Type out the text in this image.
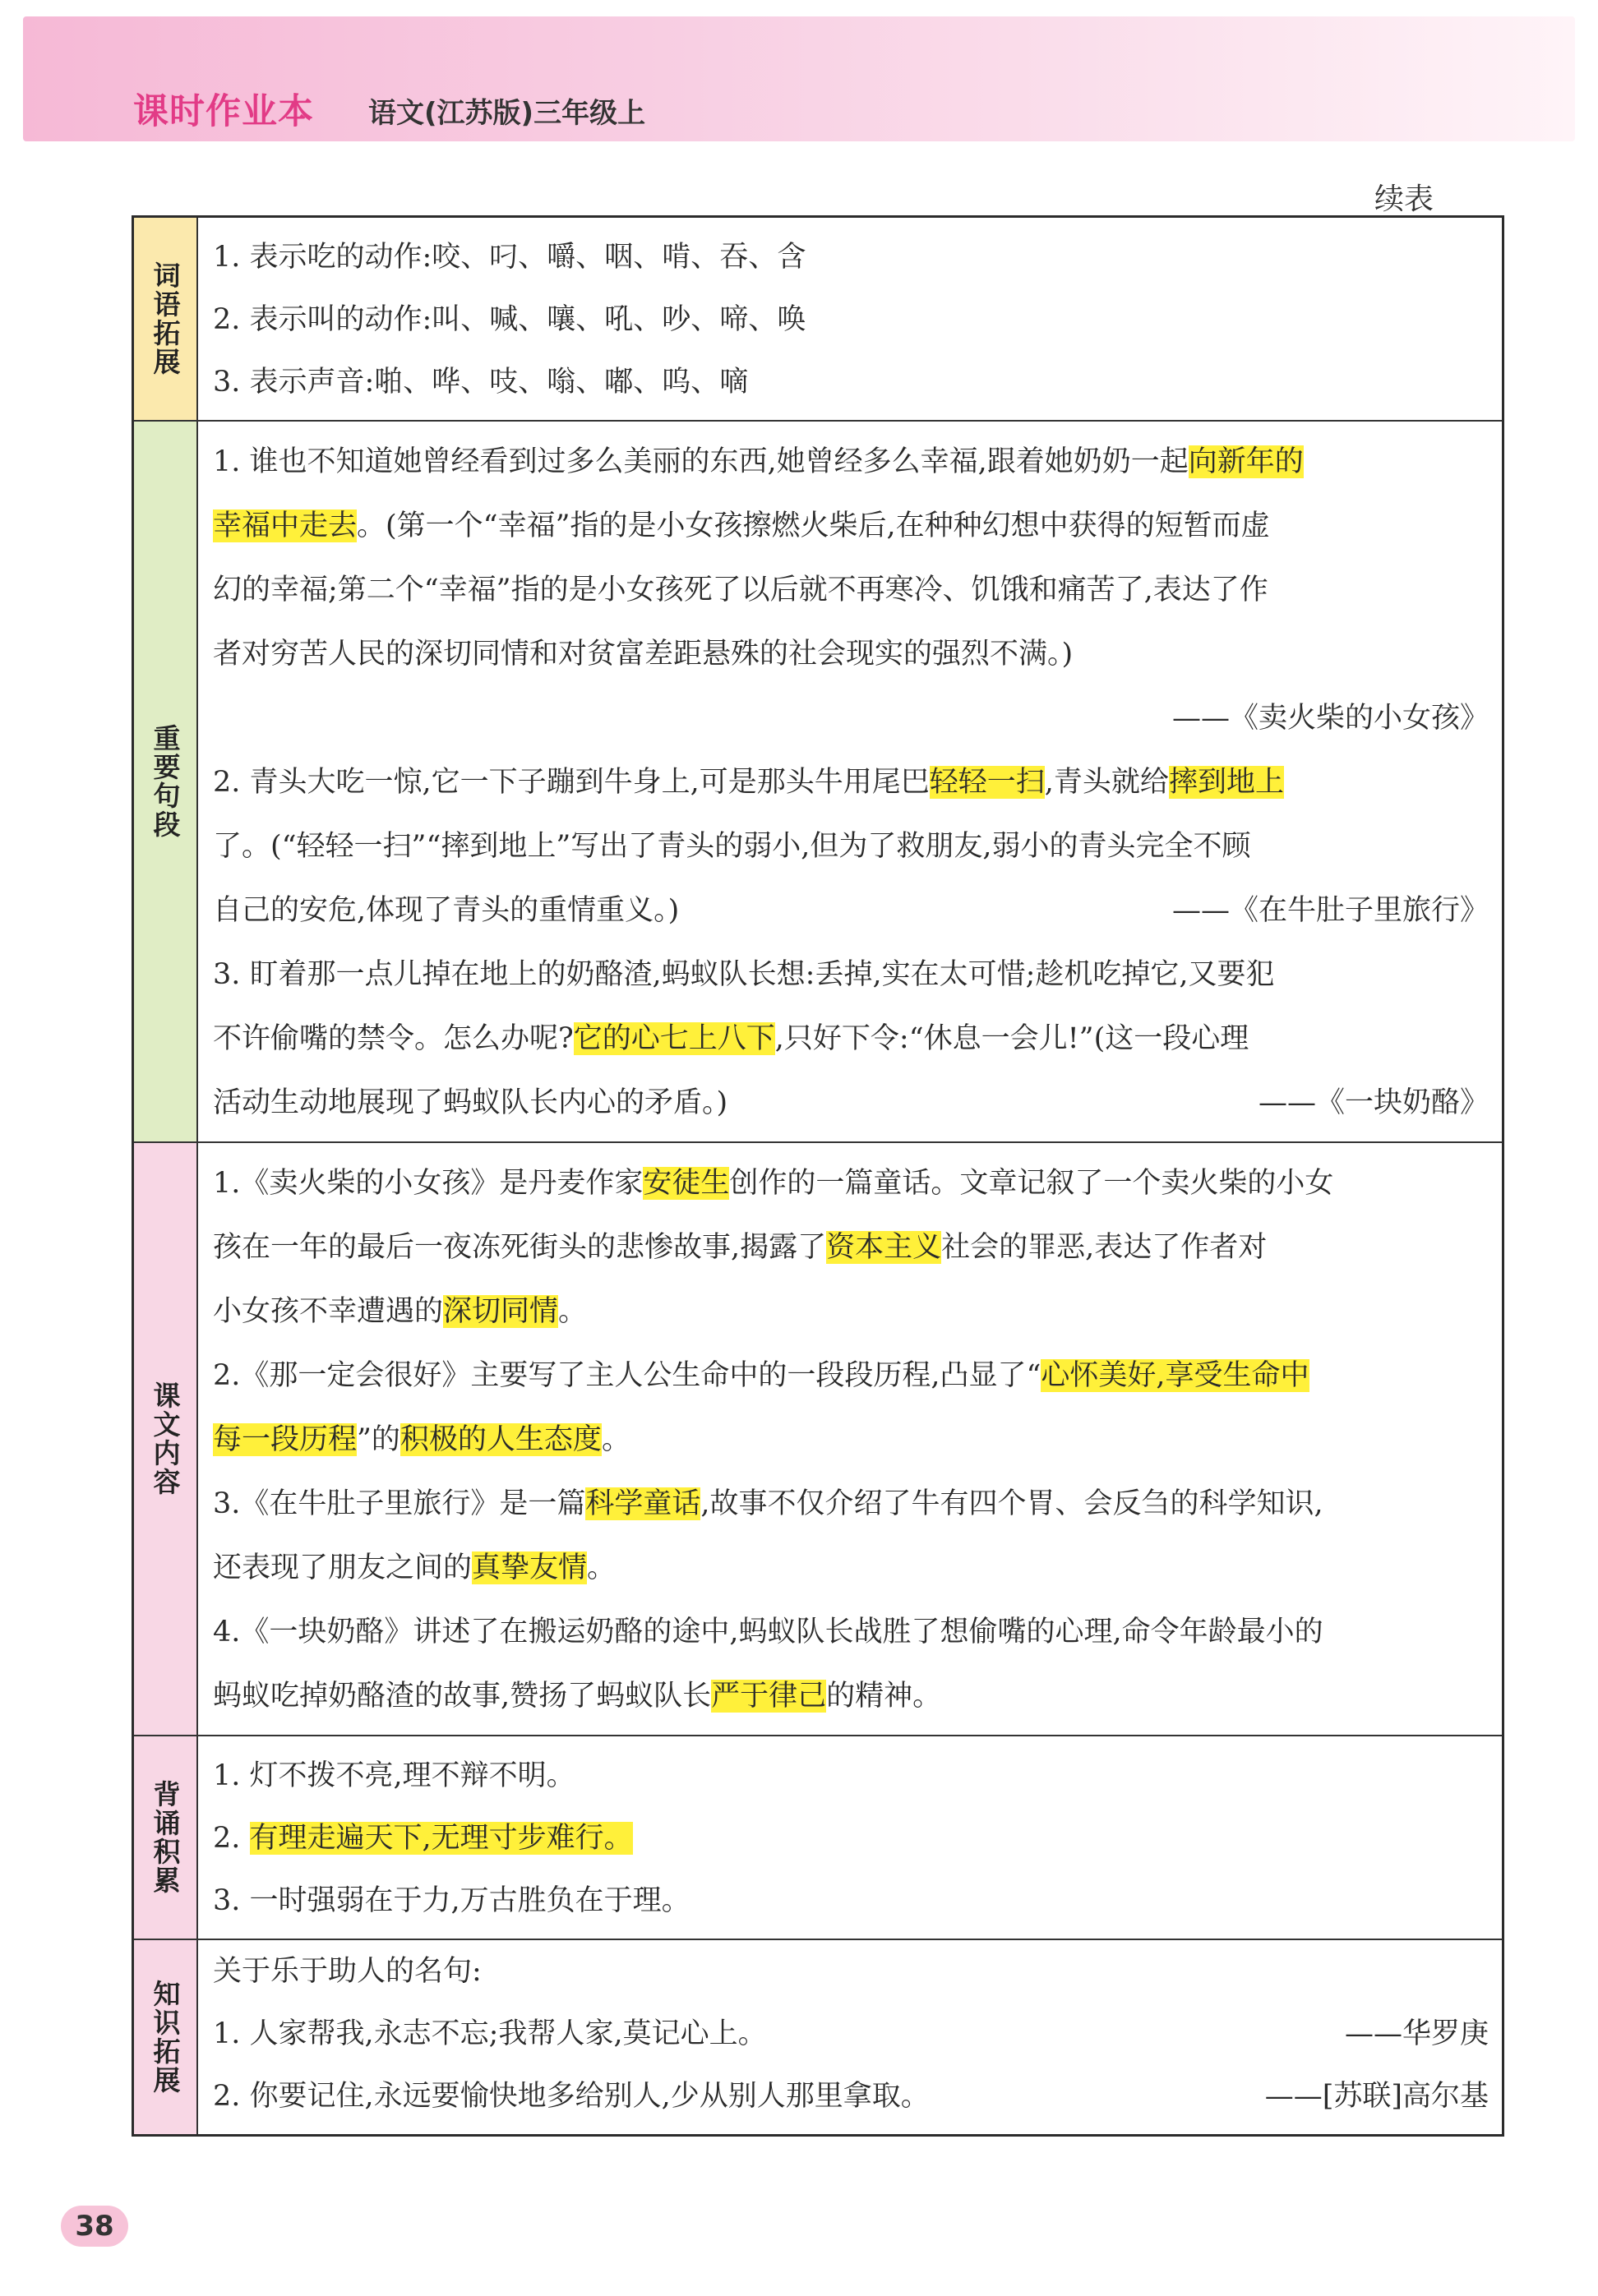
课时作业本 语文(江苏版)三年级上
续表
词语拓展
1. 表示吃的动作:咬、叼、嚼、咽、啃、吞、含
2. 表示叫的动作:叫、喊、嚷、吼、吵、啼、唤
3. 表示声音:啪、哗、吱、嗡、嘟、呜、嘀
重要句段
1. 谁也不知道她曾经看到过多么美丽的东西,她曾经多么幸福,跟着她奶奶一起向新年的
幸福中走去。(第一个“幸福”指的是小女孩擦燃火柴后,在种种幻想中获得的短暂而虚
幻的幸福;第二个“幸福”指的是小女孩死了以后就不再寒冷、饥饿和痛苦了,表达了作
者对穷苦人民的深切同情和对贫富差距悬殊的社会现实的强烈不满。)
——《卖火柴的小女孩》
2. 青头大吃一惊,它一下子蹦到牛身上,可是那头牛用尾巴轻轻一扫,青头就给摔到地上
了。(“轻轻一扫”“摔到地上”写出了青头的弱小,但为了救朋友,弱小的青头完全不顾
自己的安危,体现了青头的重情重义。)	——《在牛肚子里旅行》
3. 盯着那一点儿掉在地上的奶酪渣,蚂蚁队长想:丢掉,实在太可惜;趁机吃掉它,又要犯
不许偷嘴的禁令。怎么办呢?它的心七上八下,只好下令:“休息一会儿!”(这一段心理
活动生动地展现了蚂蚁队长内心的矛盾。)	——《一块奶酪》
课文内容
1.《卖火柴的小女孩》是丹麦作家安徒生创作的一篇童话。文章记叙了一个卖火柴的小女
孩在一年的最后一夜冻死街头的悲惨故事,揭露了资本主义社会的罪恶,表达了作者对
小女孩不幸遭遇的深切同情。
2.《那一定会很好》主要写了主人公生命中的一段段历程,凸显了“心怀美好,享受生命中
每一段历程”的积极的人生态度。
3.《在牛肚子里旅行》是一篇科学童话,故事不仅介绍了牛有四个胃、会反刍的科学知识,
还表现了朋友之间的真挚友情。
4.《一块奶酪》讲述了在搬运奶酪的途中,蚂蚁队长战胜了想偷嘴的心理,命令年龄最小的
蚂蚁吃掉奶酪渣的故事,赞扬了蚂蚁队长严于律己的精神。
背诵积累
1. 灯不拨不亮,理不辩不明。
2. 有理走遍天下,无理寸步难行。
3. 一时强弱在于力,万古胜负在于理。
知识拓展
关于乐于助人的名句:
1. 人家帮我,永志不忘;我帮人家,莫记心上。	——华罗庚
2. 你要记住,永远要愉快地多给别人,少从别人那里拿取。	——[苏联]高尔基
38
